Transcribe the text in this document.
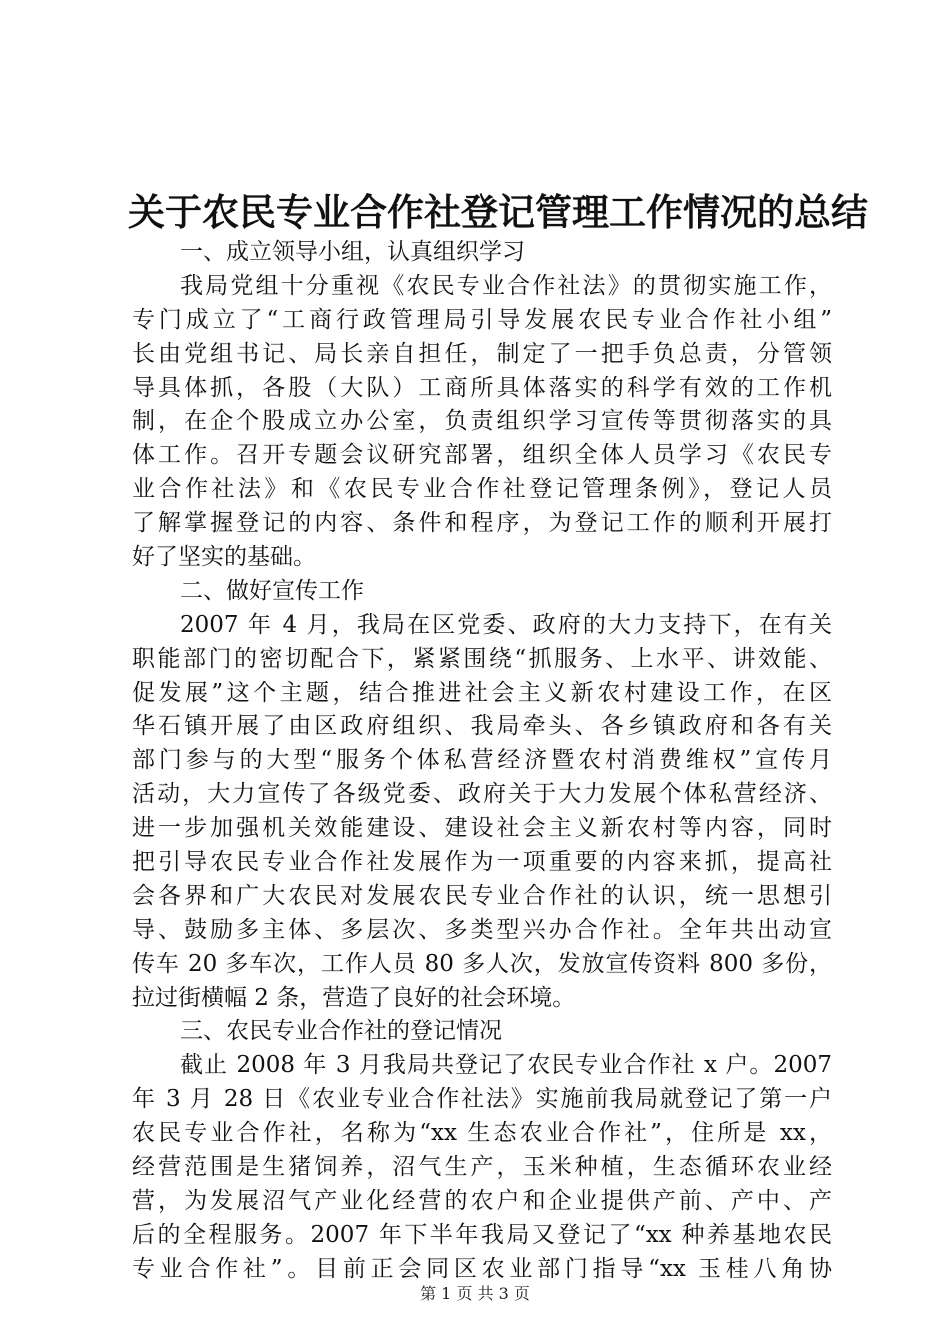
关于农民专业合作社登记管理工作情况的总结
一、成立领导小组，认真组织学习
我局党组十分重视《农民专业合作社法》的贯彻实施工作，
专门成立了“工商行政管理局引导发展农民专业合作社小组”
长由党组书记、局长亲自担任，制定了一把手负总责，分管领
导具体抓，各股（大队）工商所具体落实的科学有效的工作机
制，在企个股成立办公室，负责组织学习宣传等贯彻落实的具
体工作。召开专题会议研究部署，组织全体人员学习《农民专
业合作社法》和《农民专业合作社登记管理条例》，登记人员
了解掌握登记的内容、条件和程序，为登记工作的顺利开展打
好了坚实的基础。
二、做好宣传工作
2007 年 4 月，我局在区党委、政府的大力支持下，在有关
职能部门的密切配合下，紧紧围绕“抓服务、上水平、讲效能、
促发展”这个主题，结合推进社会主义新农村建设工作，在区
华石镇开展了由区政府组织、我局牵头、各乡镇政府和各有关
部门参与的大型“服务个体私营经济暨农村消费维权”宣传月
活动，大力宣传了各级党委、政府关于大力发展个体私营经济、
进一步加强机关效能建设、建设社会主义新农村等内容，同时
把引导农民专业合作社发展作为一项重要的内容来抓，提高社
会各界和广大农民对发展农民专业合作社的认识，统一思想引
导、鼓励多主体、多层次、多类型兴办合作社。全年共出动宣
传车 20 多车次，工作人员 80 多人次，发放宣传资料 800 多份，
拉过街横幅 2 条，营造了良好的社会环境。
三、农民专业合作社的登记情况
截止 2008 年 3 月我局共登记了农民专业合作社 x 户。2007
年 3 月 28 日《农业专业合作社法》实施前我局就登记了第一户
农民专业合作社，名称为“xx 生态农业合作社”，住所是 xx，
经营范围是生猪饲养，沼气生产，玉米种植，生态循环农业经
营，为发展沼气产业化经营的农户和企业提供产前、产中、产
后的全程服务。2007 年下半年我局又登记了“xx 种养基地农民
专业合作社”。目前正会同区农业部门指导“xx 玉桂八角协
第 1 页 共 3 页
